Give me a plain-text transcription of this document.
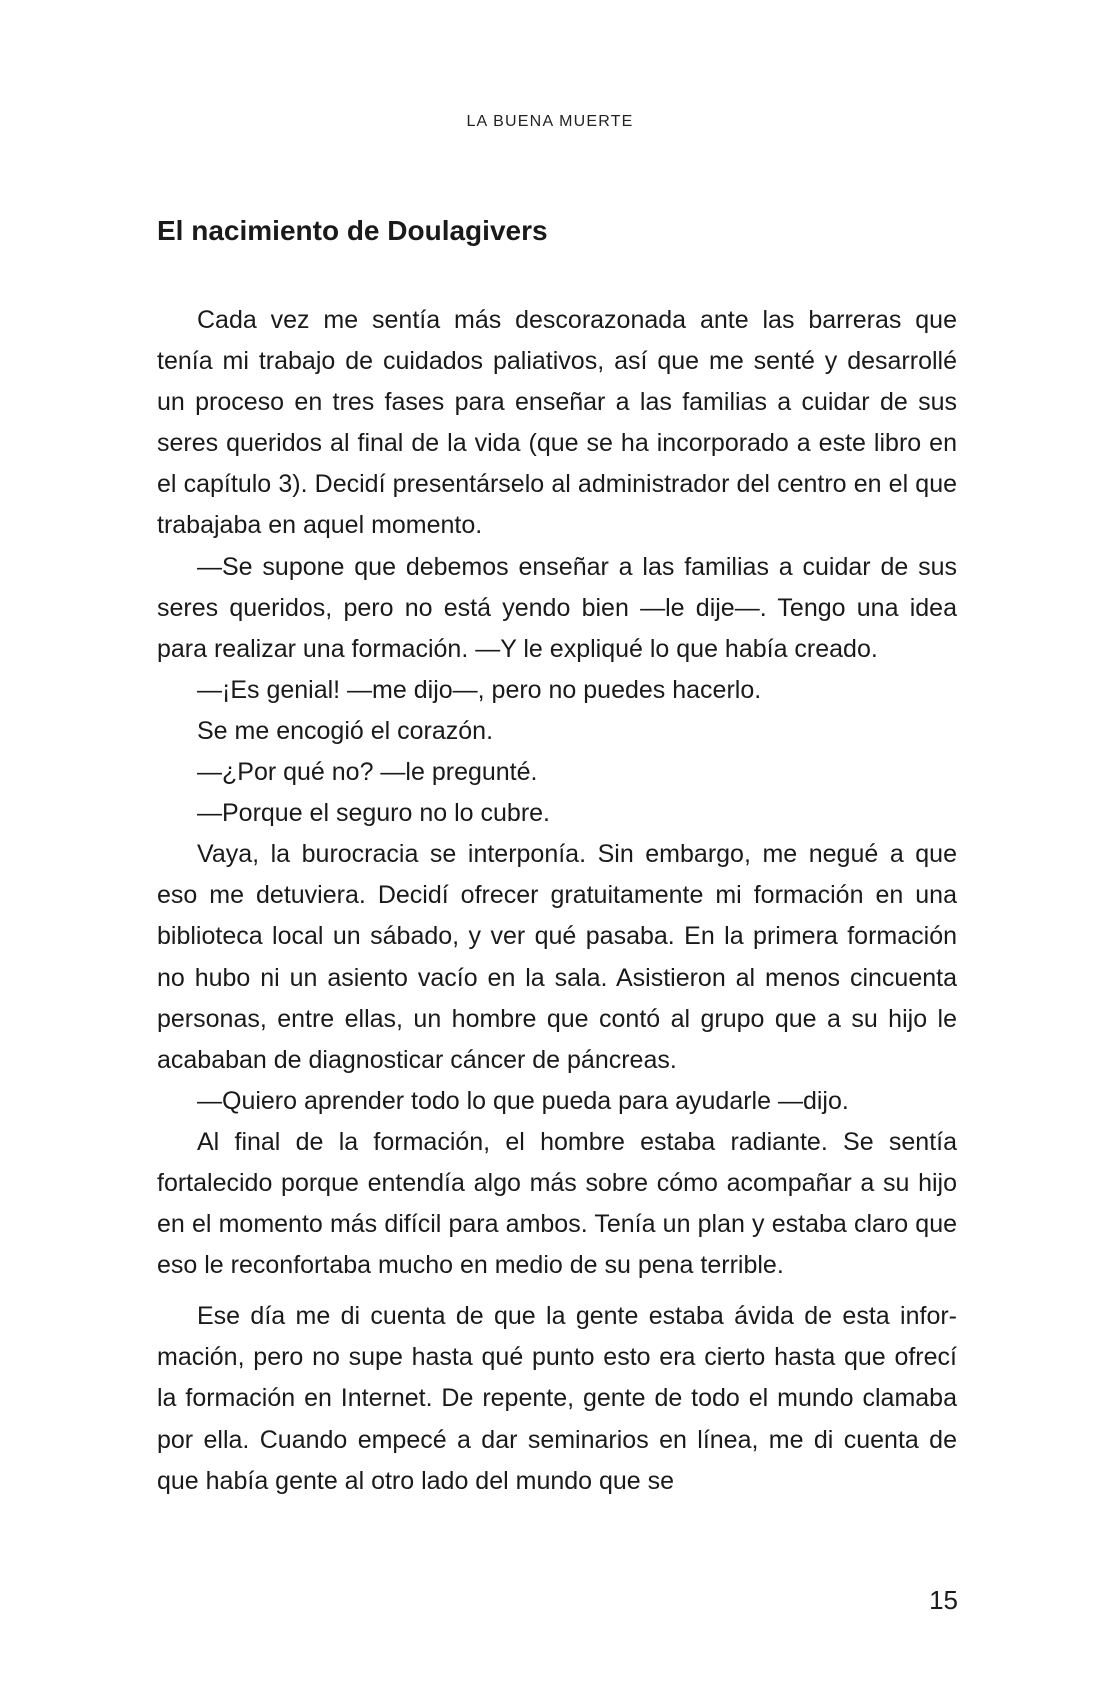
LA BUENA MUERTE
El nacimiento de Doulagivers

Cada vez me sentía más descorazonada ante las barreras que tenía mi trabajo de cuidados paliativos, así que me senté y desarrollé un proceso en tres fases para enseñar a las familias a cuidar de sus seres queridos al final de la vida (que se ha incorporado a este libro en el capítulo 3). Decidí presentárselo al administrador del centro en el que trabajaba en aquel momento.

—Se supone que debemos enseñar a las familias a cuidar de sus seres queridos, pero no está yendo bien —le dije—. Tengo una idea para realizar una formación. —Y le expliqué lo que había creado.

—¡Es genial! —me dijo—, pero no puedes hacerlo.

Se me encogió el corazón.

—¿Por qué no? —le pregunté.

—Porque el seguro no lo cubre.

Vaya, la burocracia se interponía. Sin embargo, me negué a que eso me detuviera. Decidí ofrecer gratuitamente mi formación en una biblioteca local un sábado, y ver qué pasaba. En la primera formación no hubo ni un asiento vacío en la sala. Asistieron al menos cincuenta personas, entre ellas, un hombre que contó al grupo que a su hijo le acababan de diagnosticar cáncer de páncreas.

—Quiero aprender todo lo que pueda para ayudarle —dijo.

Al final de la formación, el hombre estaba radiante. Se sentía fortalecido porque entendía algo más sobre cómo acompañar a su hijo en el momento más difícil para ambos. Tenía un plan y estaba claro que eso le reconfortaba mucho en medio de su pena terrible.

Ese día me di cuenta de que la gente estaba ávida de esta información, pero no supe hasta qué punto esto era cierto hasta que ofrecí la formación en Internet. De repente, gente de todo el mundo clamaba por ella. Cuando empecé a dar seminarios en línea, me di cuenta de que había gente al otro lado del mundo que se

15
